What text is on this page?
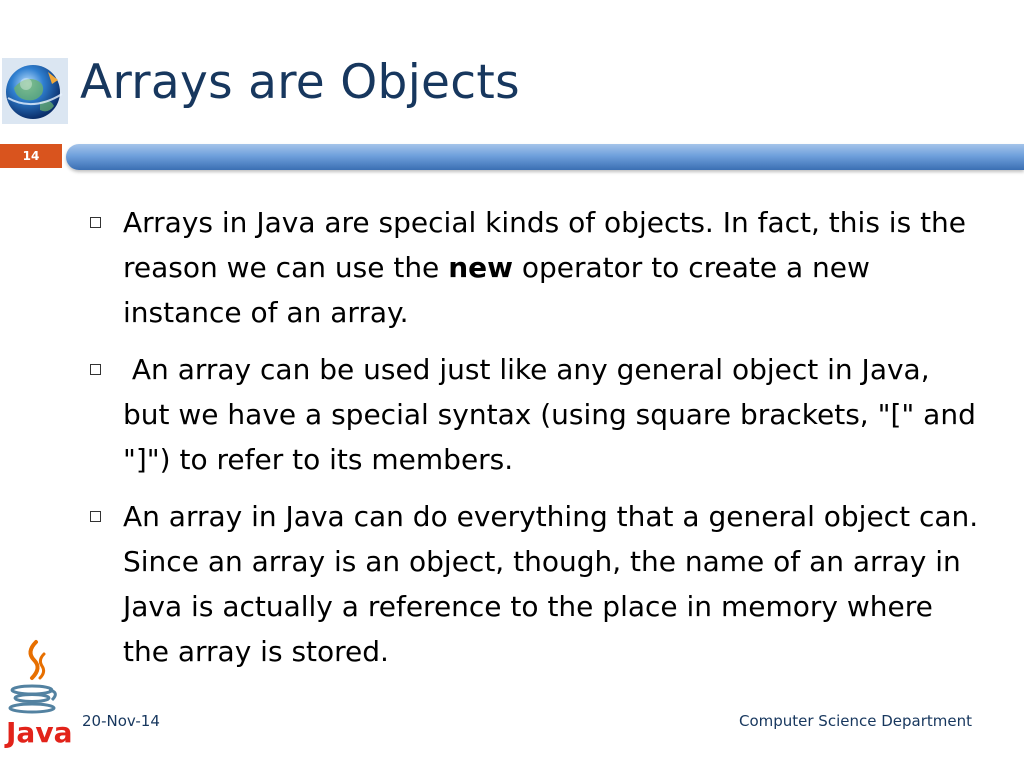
Arrays are Objects
14
Arrays in Java are special kinds of objects. In fact, this is the reason we can use the new operator to create a new instance of an array.
An array can be used just like any general object in Java, but we have a special syntax (using square brackets, "[" and "]") to refer to its members.
An array in Java can do everything that a general object can. Since an array is an object, though, the name of an array in Java is actually a reference to the place in memory where the array is stored.
Java 20-Nov-14	Computer Science Department
